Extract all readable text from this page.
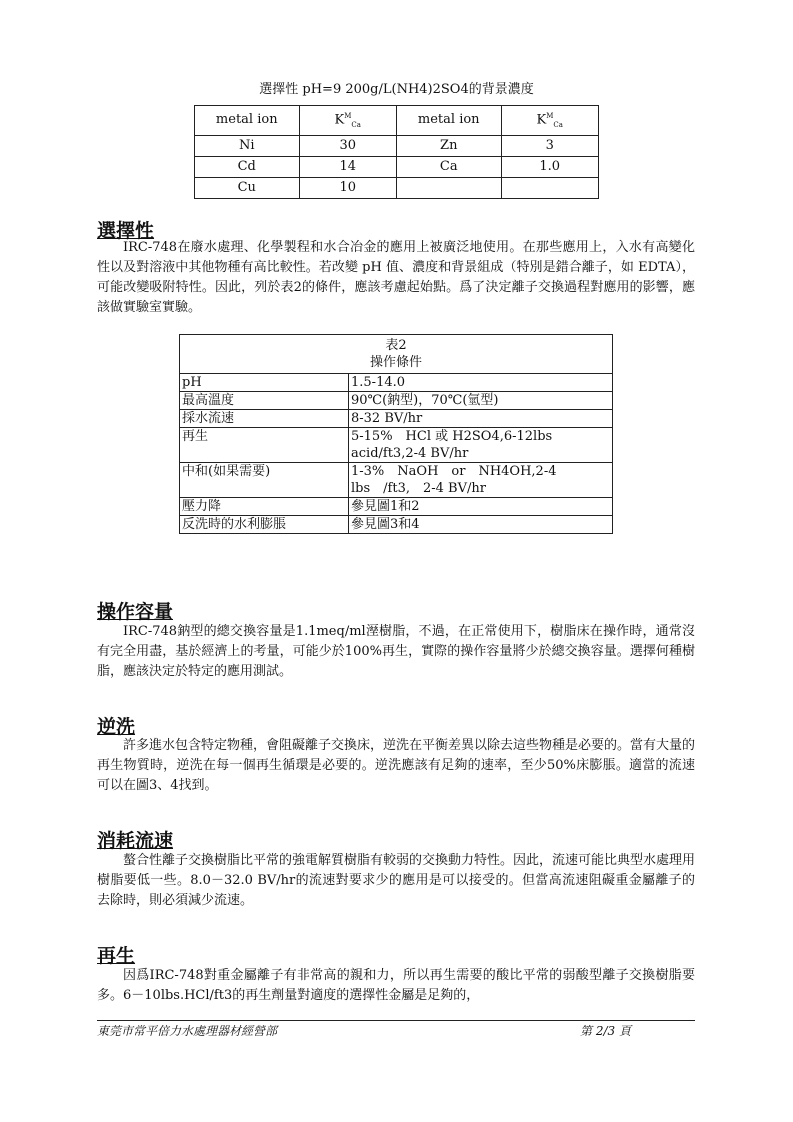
選擇性 pH=9 200g/L(NH4)2SO4的背景濃度
metal ion	$K^M_{Ca}$	metal ion	$K^M_{Ca}$
Ni	30	Zn	3
Cd	14	Ca	1.0
Cu	10		
選擇性
IRC-748在廢水處理、化學製程和水合冶金的應用上被廣泛地使用。在那些應用上，入水有高變化性以及對溶液中其他物種有高比較性。若改變 pH 值、濃度和背景組成（特別是錯合離子，如 EDTA），可能改變吸附特性。因此，列於表2的條件，應該考慮起始點。爲了決定離子交換過程對應用的影響，應該做實驗室實驗。
表2
操作條件	

pH	1.5-14.0
最高溫度	90℃(鈉型)，70℃(氫型)
採水流速	8-32 BV/hr
再生	5-15%　HCl 或 H2SO4,6-12lbs　acid/ft3,2-4 BV/hr
中和(如果需要)	1-3%　NaOH　or　NH4OH,2-4　lbs　/ft3,　2-4 BV/hr
壓力降	參見圖1和2
反洗時的水利膨脹	參見圖3和4
操作容量
IRC-748鈉型的總交換容量是1.1meq/ml溼樹脂，不過，在正常使用下，樹脂床在操作時，通常沒有完全用盡，基於經濟上的考量，可能少於100%再生，實際的操作容量將少於總交換容量。選擇何種樹脂，應該決定於特定的應用測試。
逆洗
許多進水包含特定物種，會阻礙離子交換床，逆洗在平衡差異以除去這些物種是必要的。當有大量的再生物質時，逆洗在每一個再生循環是必要的。逆洗應該有足夠的速率，至少50%床膨脹。適當的流速可以在圖3、4找到。
消耗流速
螯合性離子交換樹脂比平常的強電解質樹脂有較弱的交換動力特性。因此，流速可能比典型水處理用樹脂要低一些。8.0－32.0 BV/hr的流速對要求少的應用是可以接受的。但當高流速阻礙重金屬離子的去除時，則必須減少流速。
再生
因爲IRC-748對重金屬離子有非常高的親和力，所以再生需要的酸比平常的弱酸型離子交換樹脂要多。6－10lbs.HCl/ft3的再生劑量對適度的選擇性金屬是足夠的，
東莞市常平倍力水處理器材經營部	第 2/3 頁
